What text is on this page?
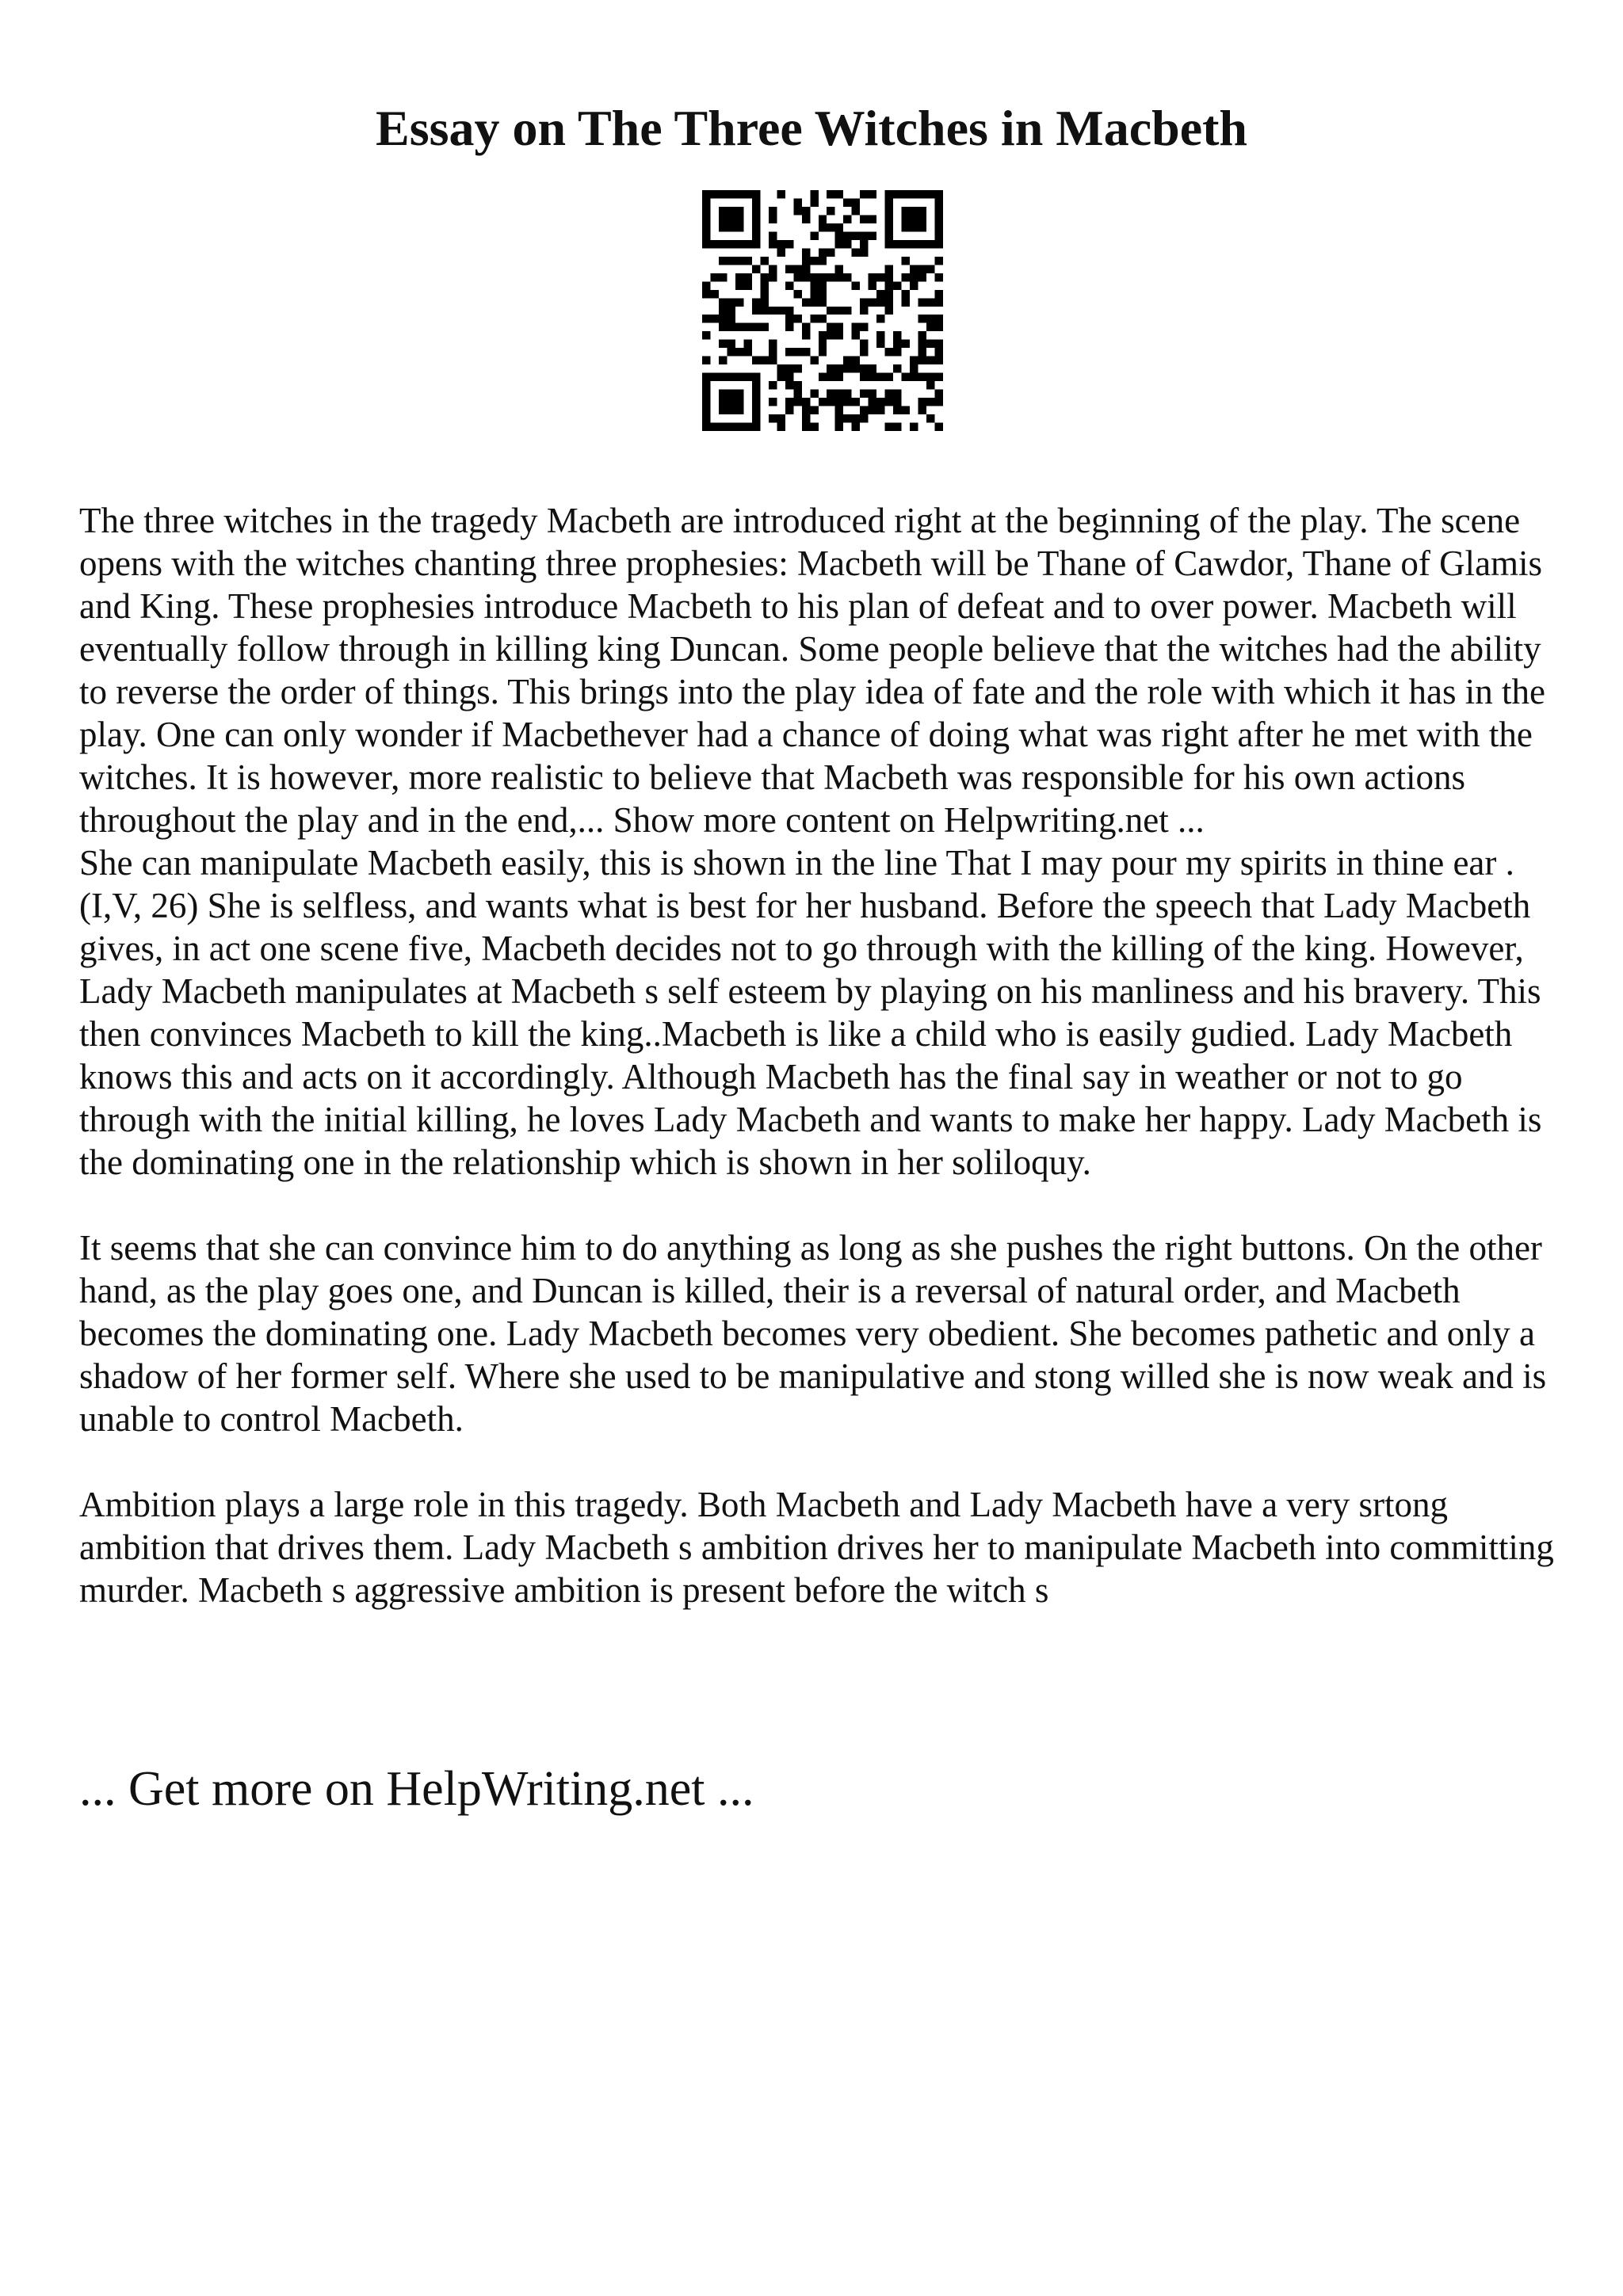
Essay on The Three Witches in Macbeth

The three witches in the tragedy Macbeth are introduced right at the beginning of the play. The scene opens with the witches chanting three prophesies: Macbeth will be Thane of Cawdor, Thane of Glamis and King. These prophesies introduce Macbeth to his plan of defeat and to over power. Macbeth will eventually follow through in killing king Duncan. Some people believe that the witches had the ability to reverse the order of things. This brings into the play idea of fate and the role with which it has in the play. One can only wonder if Macbethever had a chance of doing what was right after he met with the witches. It is however, more realistic to believe that Macbeth was responsible for his own actions throughout the play and in the end,... Show more content on Helpwriting.net ...

She can manipulate Macbeth easily, this is shown in the line That I may pour my spirits in thine ear . (I,V, 26) She is selfless, and wants what is best for her husband. Before the speech that Lady Macbeth gives, in act one scene five, Macbeth decides not to go through with the killing of the king. However, Lady Macbeth manipulates at Macbeth s self esteem by playing on his manliness and his bravery. This then convinces Macbeth to kill the king..Macbeth is like a child who is easily gudied. Lady Macbeth knows this and acts on it accordingly. Although Macbeth has the final say in weather or not to go through with the initial killing, he loves Lady Macbeth and wants to make her happy. Lady Macbeth is the dominating one in the relationship which is shown in her soliloquy.

It seems that she can convince him to do anything as long as she pushes the right buttons. On the other hand, as the play goes one, and Duncan is killed, their is a reversal of natural order, and Macbeth becomes the dominating one. Lady Macbeth becomes very obedient. She becomes pathetic and only a shadow of her former self. Where she used to be manipulative and stong willed she is now weak and is unable to control Macbeth.

Ambition plays a large role in this tragedy. Both Macbeth and Lady Macbeth have a very srtong ambition that drives them. Lady Macbeth s ambition drives her to manipulate Macbeth into committing murder. Macbeth s aggressive ambition is present before the witch s

... Get more on HelpWriting.net ...
